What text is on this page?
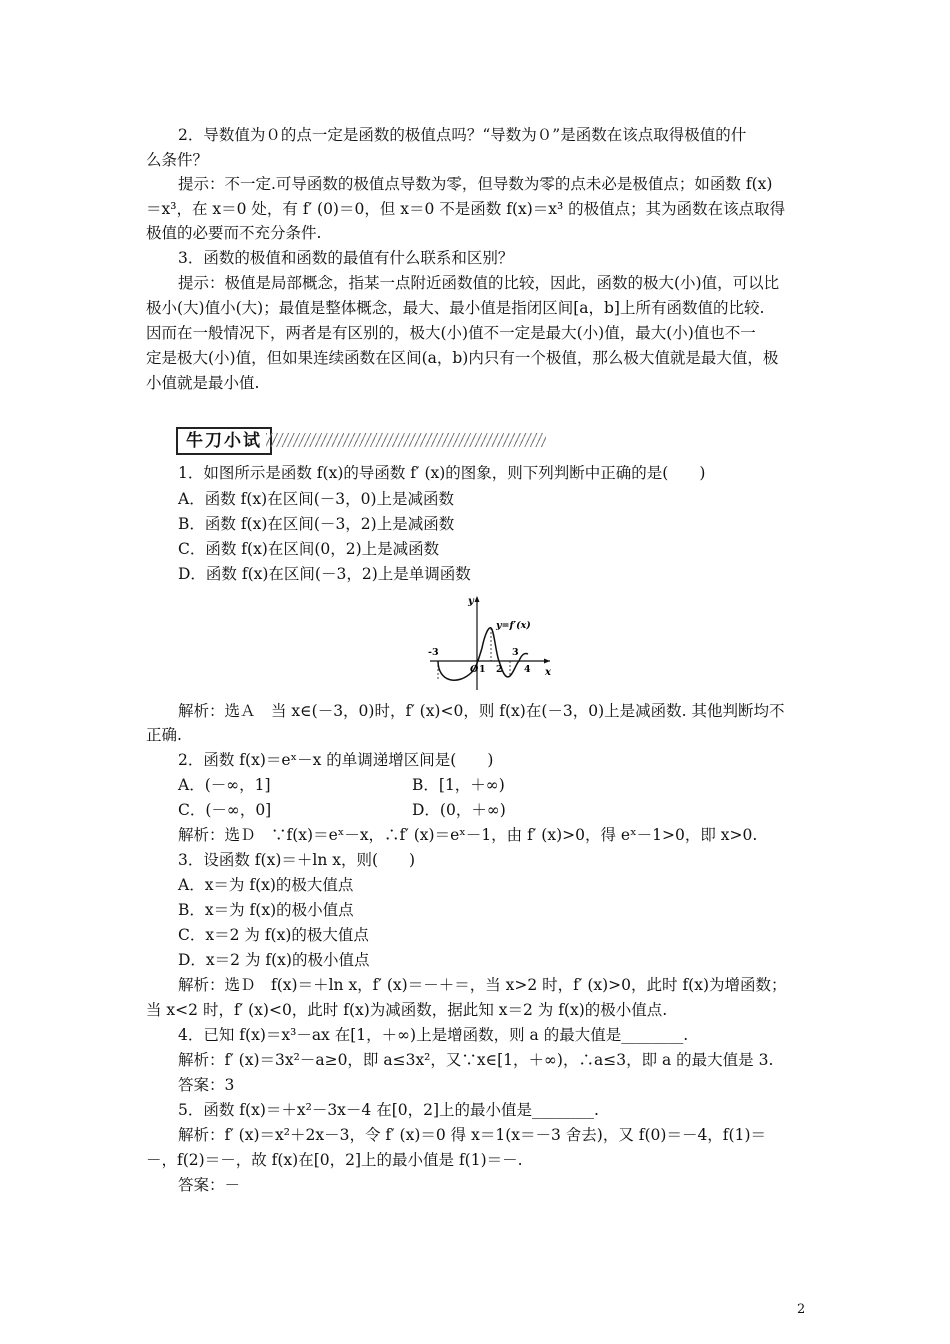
2．导数值为０的点一定是函数的极值点吗？“导数为０”是函数在该点取得极值的什
么条件？
提示：不一定.可导函数的极值点导数为零，但导数为零的点未必是极值点；如函数 f(x)
＝x³，在 x＝0 处，有 f′ (0)＝0，但 x＝0 不是函数 f(x)＝x³ 的极值点；其为函数在该点取得
极值的必要而不充分条件.
3．函数的极值和函数的最值有什么联系和区别？
提示：极值是局部概念，指某一点附近函数值的比较，因此，函数的极大(小)值，可以比
极小(大)值小(大)；最值是整体概念，最大、最小值是指闭区间[a，b]上所有函数值的比较.
因而在一般情况下，两者是有区别的，极大(小)值不一定是最大(小)值，最大(小)值也不一
定是极大(小)值，但如果连续函数在区间(a，b)内只有一个极值，那么极大值就是最大值，极
小值就是最小值.
牛刀小试
1．如图所示是函数 f(x)的导函数 f′ (x)的图象，则下列判断中正确的是(　　)
A．函数 f(x)在区间(－3，0)上是减函数
B．函数 f(x)在区间(－3，2)上是减函数
C．函数 f(x)在区间(0，2)上是减函数
D．函数 f(x)在区间(－3，2)上是单调函数
y
x
y=f′(x)
O
-3
1 2
3
4
解析：选Ａ　当 x∈(－3，0)时，f′ (x)<0，则 f(x)在(－3，0)上是减函数. 其他判断均不
正确.
2．函数 f(x)＝eˣ－x 的单调递增区间是(　　)
A．(－∞，1]	B．[1，＋∞)
C．(－∞，0]	D．(0，＋∞)
解析：选Ｄ　∵f(x)＝eˣ－x，∴f′ (x)＝eˣ－1，由 f′ (x)>0，得 eˣ－1>0，即 x>0.
3．设函数 f(x)＝＋ln x，则(　　)
A．x＝为 f(x)的极大值点
B．x＝为 f(x)的极小值点
C．x＝2 为 f(x)的极大值点
D．x＝2 为 f(x)的极小值点
解析：选Ｄ　f(x)＝＋ln x，f′ (x)＝－＋＝，当 x>2 时，f′ (x)>0，此时 f(x)为增函数；
当 x<2 时，f′ (x)<0，此时 f(x)为减函数，据此知 x＝2 为 f(x)的极小值点.
4．已知 f(x)＝x³－ax 在[1，＋∞)上是增函数，则 a 的最大值是________.
解析：f′ (x)＝3x²－a≥0，即 a≤3x²，又∵x∈[1，＋∞)，∴a≤3，即 a 的最大值是 3.
答案：3
5．函数 f(x)＝＋x²－3x－4 在[0，2]上的最小值是________.
解析：f′ (x)＝x²＋2x－3，令 f′ (x)＝0 得 x＝1(x＝－3 舍去)，又 f(0)＝－4，f(1)＝
－，f(2)＝－，故 f(x)在[0，2]上的最小值是 f(1)＝－.
答案：－
2
